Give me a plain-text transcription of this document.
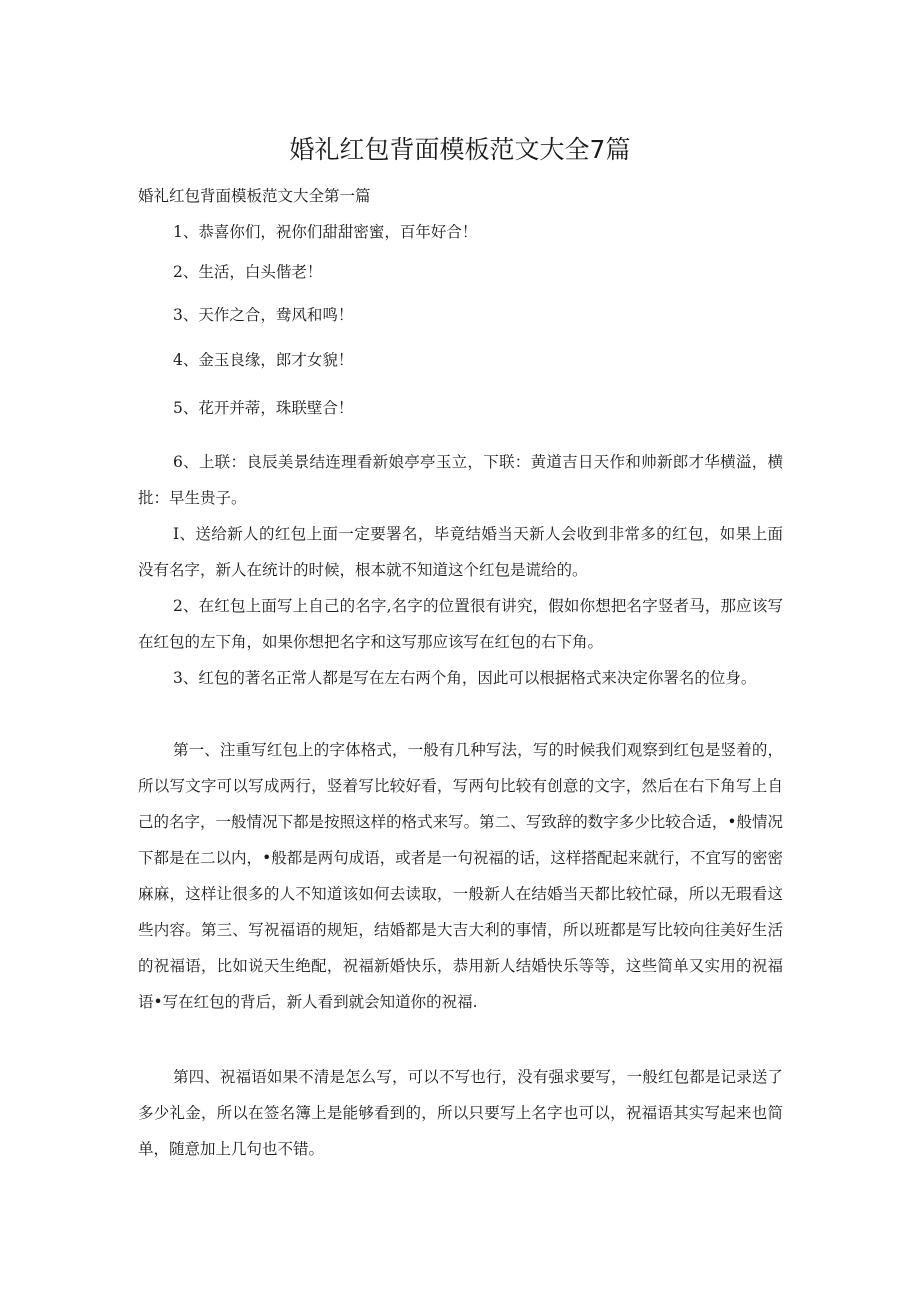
婚礼红包背面模板范文大全7篇

婚礼红包背面模板范文大全第一篇

1、恭喜你们，祝你们甜甜密蜜，百年好合！

2、生活，白头偕老！

3、天作之合，鸯风和鸣！

4、金玉良缘，郎才女貌！

5、花开并蒂，珠联壁合！

6、上联：良辰美景结连理看新娘亭亭玉立，下联：黄道吉日天作和帅新郎才华横溢，横批：早生贵子。

I、送给新人的红包上面一定要署名，毕竟结婚当天新人会收到非常多的红包，如果上面没有名字，新人在统计的时候，根本就不知道这个红包是谎给的。

2、在红包上面写上自己的名字,名字的位置很有讲究，假如你想把名字竖者马，那应该写在红包的左下角，如果你想把名字和这写那应该写在红包的右下角。

3、红包的著名正常人都是写在左右两个角，因此可以根据格式来决定你署名的位身。

第一、注重写红包上的字体格式，一般有几种写法，写的时候我们观察到红包是竖着的，所以写文字可以写成两行，竖着写比较好看，写两句比较有创意的文字，然后在右下角写上自己的名字，一般情况下都是按照这样的格式来写。第二、写致辞的数字多少比较合适，•般情况下都是在二以内，•般都是两句成语，或者是一句祝福的话，这样搭配起来就行，不宜写的密密麻麻，这样让很多的人不知道该如何去读取，一般新人在结婚当天都比较忙碌，所以无瑕看这些内容。第三、写祝福语的规矩，结婚都是大吉大利的事情，所以班都是写比较向往美好生活的祝福语，比如说天生绝配，祝福新婚快乐，恭用新人结婚快乐等等，这些简单又实用的祝福语•写在红包的背后，新人看到就会知道你的祝福.

第四、祝福语如果不清是怎么写，可以不写也行，没有强求要写，一般红包都是记录送了多少礼金，所以在签名簿上是能够看到的，所以只要写上名字也可以，祝福语其实写起来也简单，随意加上几句也不错。
